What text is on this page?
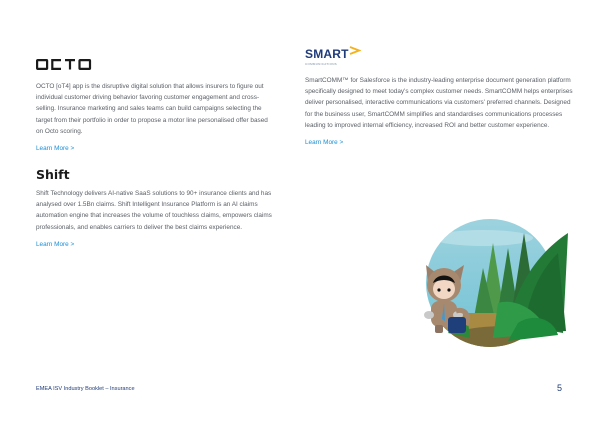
OCTO [oT4] app is the disruptive digital solution that allows insurers to figure out individual customer driving behavior favoring customer engagement and cross-selling. Insurance marketing and sales teams can build campaigns selecting the target from their portfolio in order to propose a motor line personalised offer based on Octo scoring.

Learn More >
Shift

Shift Technology delivers AI-native SaaS solutions to 90+ insurance clients and has analysed over 1.5Bn claims. Shift Intelligent Insurance Platform is an AI claims automation engine that increases the volume of touchless claims, empowers claims professionals, and enables carriers to deliver the best claims experience.

Learn More >
SMART
COMMUNICATIONS

SmartCOMM™ for Salesforce is the industry-leading enterprise document generation platform specifically designed to meet today's complex customer needs. SmartCOMM helps enterprises deliver personalised, interactive communications via customers' preferred channels. Designed for the business user, SmartCOMM simplifies and standardises communications processes leading to improved internal efficiency, increased ROI and better customer experience.

Learn More >
EMEA ISV Industry Booklet – Insurance	5
